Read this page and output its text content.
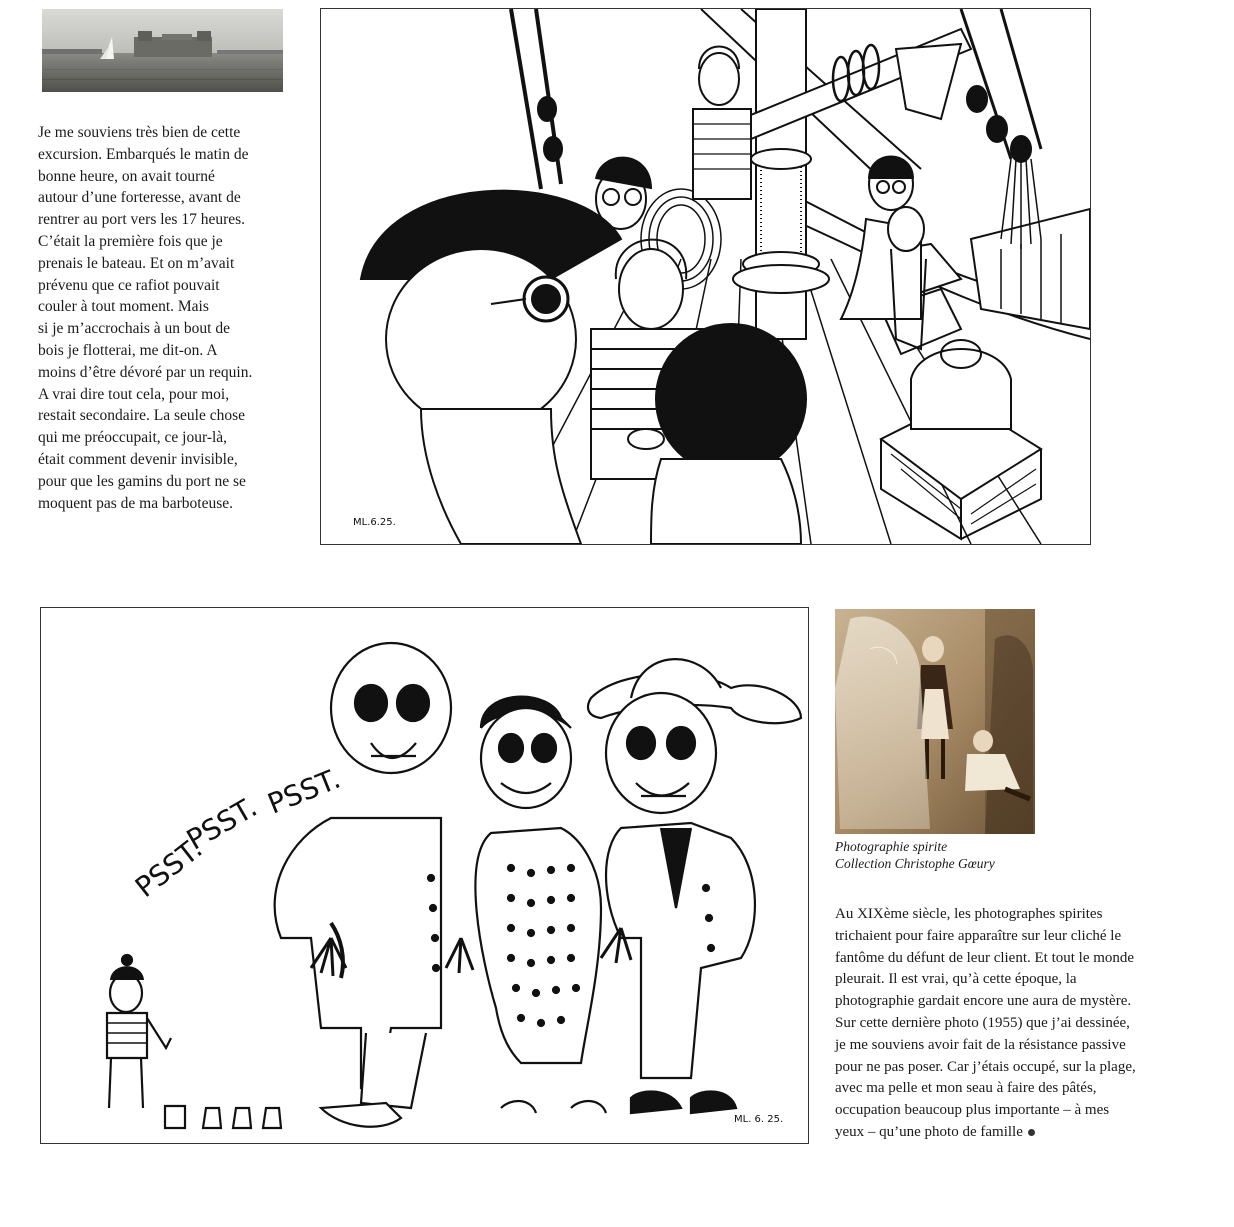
Je me souviens très bien de cette

excursion. Embarqués le matin de

bonne heure, on avait tourné

autour d’une forteresse, avant de

rentrer au port vers les 17 heures.

C’était la première fois que je

prenais le bateau. Et on m’avait

prévenu que ce rafiot pouvait

couler à tout moment. Mais

si je m’accrochais à un bout de

bois je flotterai, me dit-on. A

moins d’être dévoré par un requin.

A vrai dire tout cela, pour moi,

restait secondaire. La seule chose

qui me préoccupait, ce jour-là,

était comment devenir invisible,

pour que les gamins du port ne se

moquent pas de ma barboteuse.

ML.6.25.
PSST.
PSST. PSST.
ML. 6. 25.
Photographie spirite
Collection Christophe Gœury

Au XIXème siècle, les photographes spirites

trichaient pour faire apparaître sur leur cliché le

fantôme du défunt de leur client. Et tout le monde

pleurait. Il est vrai, qu’à cette époque, la

photographie gardait encore une aura de mystère.

Sur cette dernière photo (1955) que j’ai dessinée,

je me souviens avoir fait de la résistance passive

pour ne pas poser. Car j’étais occupé, sur la plage,

avec ma pelle et mon seau à faire des pâtés,

occupation beaucoup plus importante – à mes

yeux – qu’une photo de famille
